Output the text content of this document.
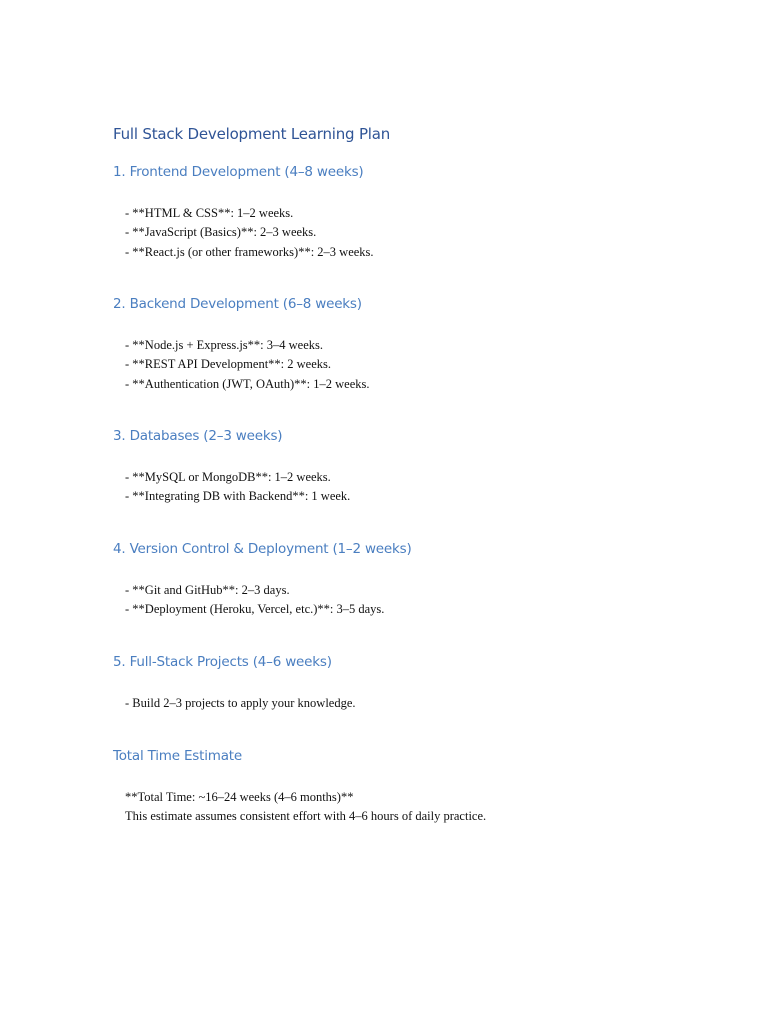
Full Stack Development Learning Plan
1. Frontend Development (4–8 weeks)
- **HTML & CSS**: 1–2 weeks.
- **JavaScript (Basics)**: 2–3 weeks.
- **React.js (or other frameworks)**: 2–3 weeks.
2. Backend Development (6–8 weeks)
- **Node.js + Express.js**: 3–4 weeks.
- **REST API Development**: 2 weeks.
- **Authentication (JWT, OAuth)**: 1–2 weeks.
3. Databases (2–3 weeks)
- **MySQL or MongoDB**: 1–2 weeks.
- **Integrating DB with Backend**: 1 week.
4. Version Control & Deployment (1–2 weeks)
- **Git and GitHub**: 2–3 days.
- **Deployment (Heroku, Vercel, etc.)**: 3–5 days.
5. Full-Stack Projects (4–6 weeks)
- Build 2–3 projects to apply your knowledge.
Total Time Estimate
**Total Time: ~16–24 weeks (4–6 months)**
This estimate assumes consistent effort with 4–6 hours of daily practice.
